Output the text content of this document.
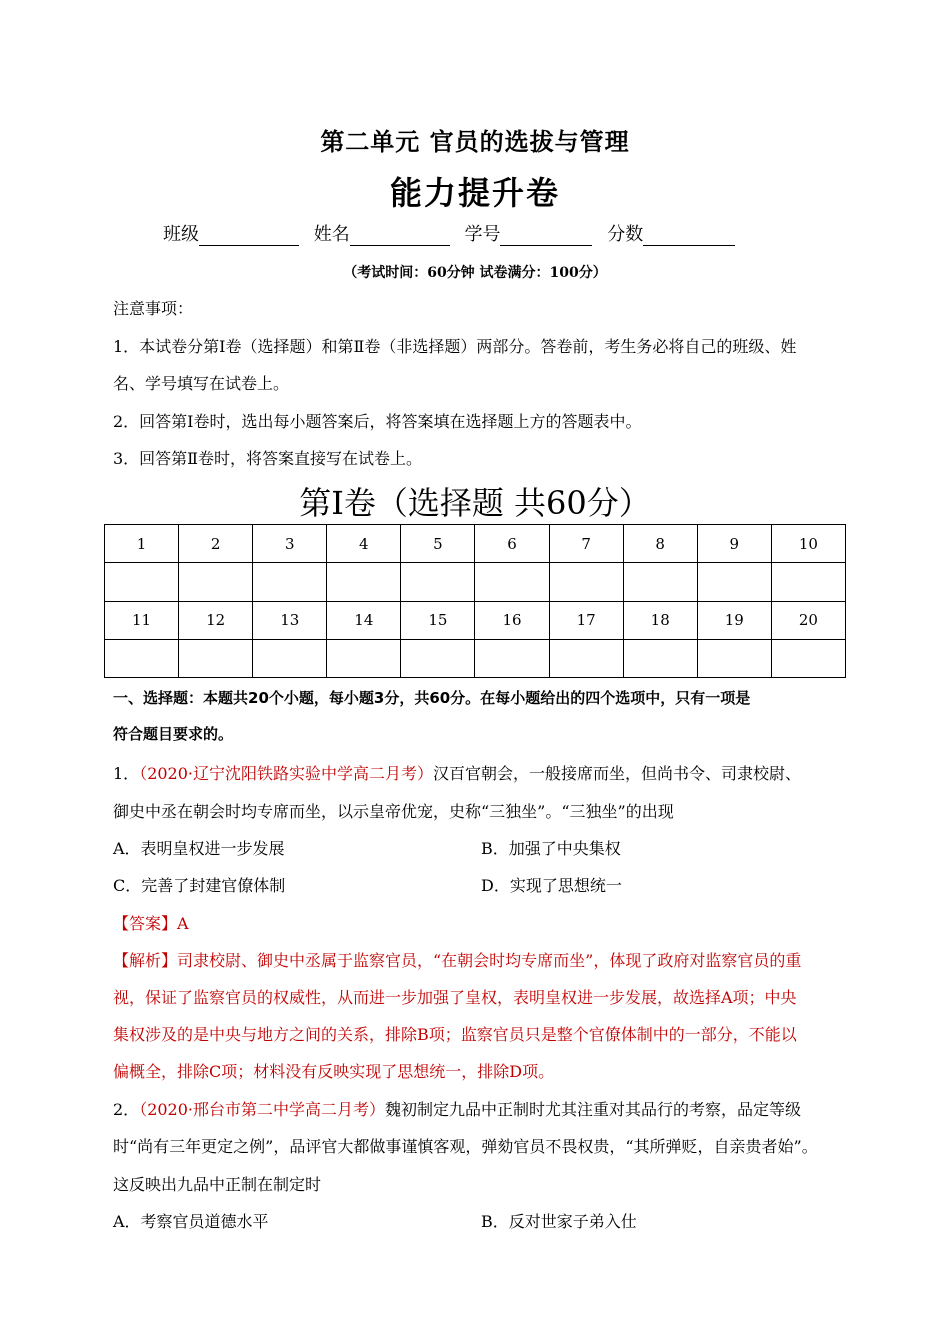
第二单元 官员的选拔与管理
能力提升卷
班级	姓名	学号	分数
（考试时间：60分钟 试卷满分：100分）
注意事项：
1．本试卷分第Ⅰ卷（选择题）和第Ⅱ卷（非选择题）两部分。答卷前，考生务必将自己的班级、姓
名、学号填写在试卷上。
2．回答第Ⅰ卷时，选出每小题答案后，将答案填在选择题上方的答题表中。
3．回答第Ⅱ卷时，将答案直接写在试卷上。
第Ⅰ卷（选择题 共60分）
1	2	3	4	5	6	7	8	9	10

11	12	13	14	15	16	17	18	19	20

一、选择题：本题共20个小题，每小题3分，共60分。在每小题给出的四个选项中，只有一项是
符合题目要求的。
1．（2020·辽宁沈阳铁路实验中学高二月考）汉百官朝会，一般接席而坐，但尚书令、司隶校尉、
御史中丞在朝会时均专席而坐，以示皇帝优宠，史称“三独坐”。“三独坐”的出现
A．表明皇权进一步发展	B．加强了中央集权
C．完善了封建官僚体制	D．实现了思想统一
【答案】A
【解析】司隶校尉、御史中丞属于监察官员，“在朝会时均专席而坐”，体现了政府对监察官员的重
视，保证了监察官员的权威性，从而进一步加强了皇权，表明皇权进一步发展，故选择A项；中央
集权涉及的是中央与地方之间的关系，排除B项；监察官员只是整个官僚体制中的一部分，不能以
偏概全，排除C项；材料没有反映实现了思想统一，排除D项。
2．（2020·邢台市第二中学高二月考）魏初制定九品中正制时尤其注重对其品行的考察，品定等级
时“尚有三年更定之例”，品评官大都做事谨慎客观，弹劾官员不畏权贵，“其所弹贬，自亲贵者始”。
这反映出九品中正制在制定时
A．考察官员道德水平	B．反对世家子弟入仕
